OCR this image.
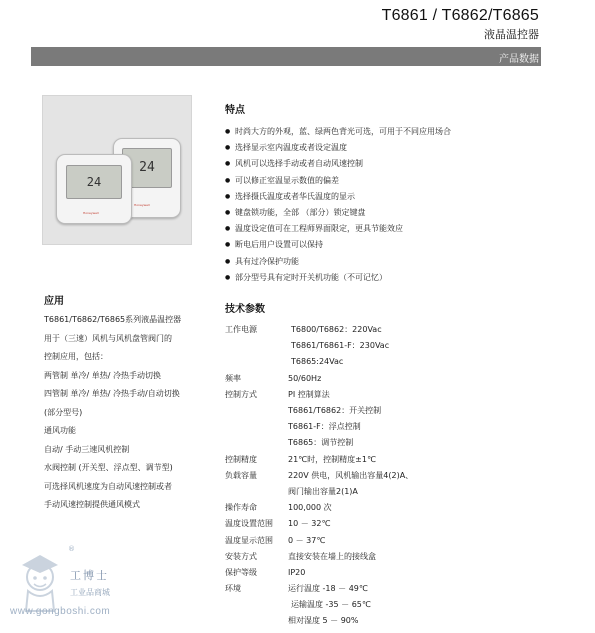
T6861 / T6862/T6865
液晶温控器
产品数据
24
Honeywell
24
Honeywell
特点
● 时尚大方的外观，蓝、绿两色背光可选，可用于不同应用场合
● 选择显示室内温度或者设定温度
● 风机可以选择手动或者自动风速控制
● 可以修正室温显示数值的偏差
● 选择摄氏温度或者华氏温度的显示
● 键盘锁功能，全部 （部分）锁定键盘
● 温度设定值可在工程师界面限定，更具节能效应
● 断电后用户设置可以保持
● 具有过冷保护功能
● 部分型号具有定时开关机功能（不可记忆）
应用
T6861/T6862/T6865系列液晶温控器
用于（三速）风机与风机盘管阀门的
控制应用，包括：
两管制 单冷/ 单热/ 冷热手动切换
四管制 单冷/ 单热/ 冷热手动/自动切换
(部分型号)
通风功能
自动/ 手动三速风机控制
水阀控制 (开关型、浮点型、调节型)
可选择风机速度为自动风速控制或者
手动风速控制提供通风模式
技术参数
工作电源	T6800/T6862：220Vac
T6861/T6861-F：230Vac
T6865:24Vac
频率	50/60Hz
控制方式	PI 控制算法
T6861/T6862：开关控制
T6861-F：浮点控制
T6865：调节控制
控制精度	21℃时，控制精度±1℃
负载容量	220V 供电，风机输出容量4(2)A、
阀门输出容量2(1)A
操作寿命	100,000 次
温度设置范围	10 － 32℃
温度显示范围	0 － 37℃
安装方式	直接安装在墙上的接线盒
保护等级	IP20
环境	运行温度 -18 － 49℃
运输温度 -35 － 65℃
相对湿度 5 － 90%
®
工博士
工业品商城
www.gongboshi.com
